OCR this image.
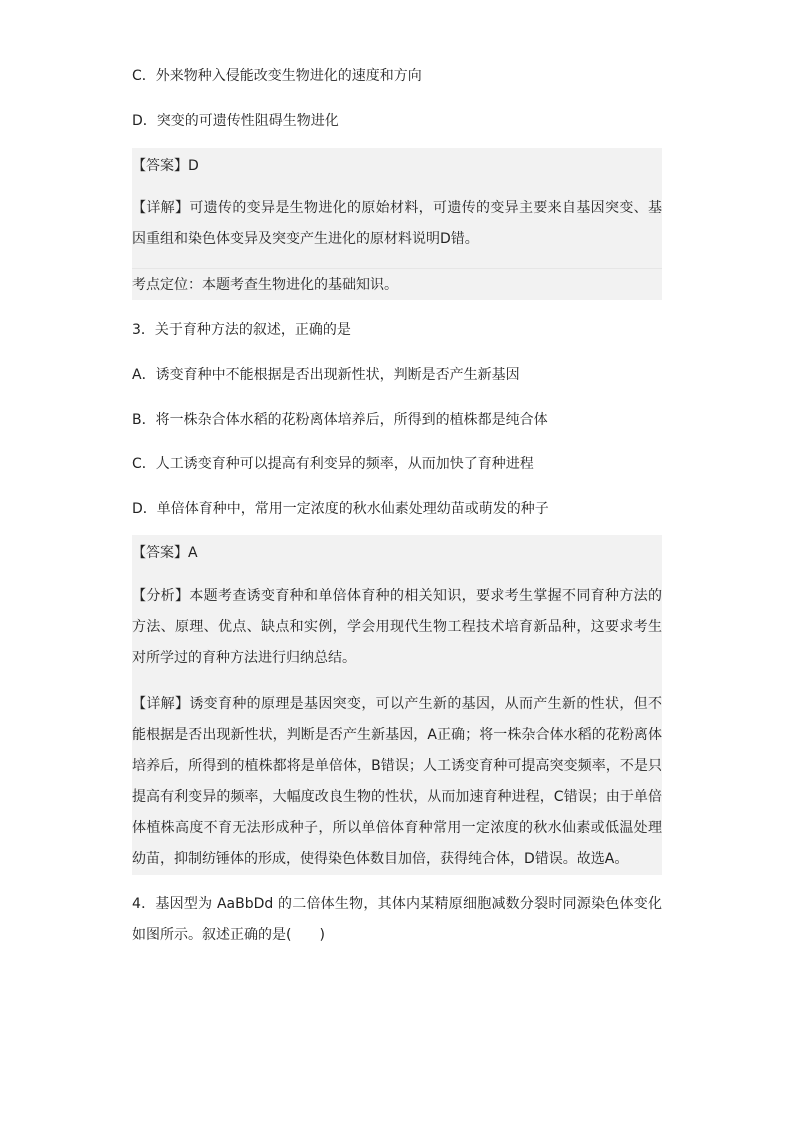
C．外来物种入侵能改变生物进化的速度和方向
D．突变的可遗传性阻碍生物进化
【答案】D
【详解】可遗传的变异是生物进化的原始材料，可遗传的变异主要来自基因突变、基因重组和染色体变异及突变产生进化的原材料说明D错。
考点定位：本题考查生物进化的基础知识。
3．关于育种方法的叙述，正确的是
A．诱变育种中不能根据是否出现新性状，判断是否产生新基因
B．将一株杂合体水稻的花粉离体培养后，所得到的植株都是纯合体
C．人工诱变育种可以提高有利变异的频率，从而加快了育种进程
D．单倍体育种中，常用一定浓度的秋水仙素处理幼苗或萌发的种子
【答案】A
【分析】本题考查诱变育种和单倍体育种的相关知识，要求考生掌握不同育种方法的方法、原理、优点、缺点和实例，学会用现代生物工程技术培育新品种，这要求考生对所学过的育种方法进行归纳总结。
【详解】诱变育种的原理是基因突变，可以产生新的基因，从而产生新的性状，但不能根据是否出现新性状，判断是否产生新基因，A正确；将一株杂合体水稻的花粉离体培养后，所得到的植株都将是单倍体，B错误；人工诱变育种可提高突变频率，不是只提高有利变异的频率，大幅度改良生物的性状，从而加速育种进程，C错误；由于单倍体植株高度不育无法形成种子，所以单倍体育种常用一定浓度的秋水仙素或低温处理幼苗，抑制纺锤体的形成，使得染色体数目加倍，获得纯合体，D错误。故选A。
4．基因型为 AaBbDd 的二倍体生物，其体内某精原细胞减数分裂时同源染色体变化如图所示。叙述正确的是(　　)
